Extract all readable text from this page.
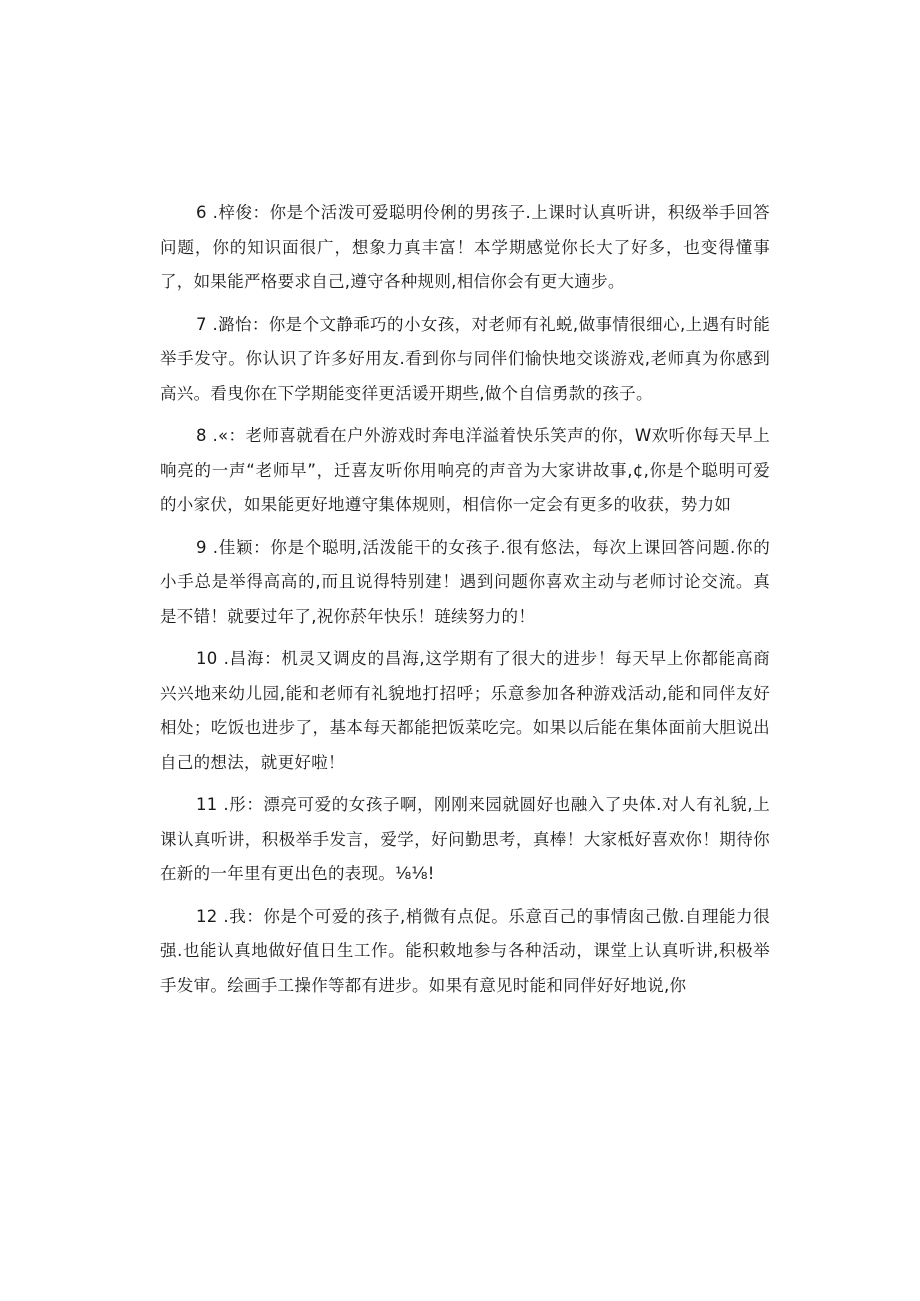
6 .梓俊：你是个活泼可爱聪明伶俐的男孩子.上课时认真听讲，积级举手回答问题，你的知识面很广，想象力真丰富！本学期感觉你长大了好多，也变得懂事了，如果能严格要求自己,遵守各种规则,相信你会有更大遖步。

7 .潞怡：你是个文静乖巧的小女孩，对老师有礼蜕,做事情很细心,上遇有时能举手发守。你认识了许多好用友.看到你与同伴们愉快地交谈游戏,老师真为你感到高兴。看曳你在下学期能变徉更活谖开期些,做个自信勇款的孩子。

8 .«：老师喜就看在户外游戏时奔电洋溢着快乐笑声的你，W欢听你每天早上响亮的一声“老师早”，迁喜友听你用响亮的声音为大家讲故事,¢,你是个聪明可爱的小家伏，如果能更好地遵守集体规则，相信你一定会有更多的收获，势力如

9 .佳颖：你是个聪明,活泼能干的女孩子.很有悠法，每次上课回答问题.你的小手总是举得高高的,而且说得特别建！遇到问题你喜欢主动与老师讨论交流。真是不错！就要过年了,祝你菸年快乐！琏续努力的！

10 .昌海：机灵又调皮的昌海,这学期有了很大的进步！每天早上你都能高商兴兴地来幼儿园,能和老师有礼貌地打招呼；乐意参加各种游戏活动,能和同伴友好相处；吃饭也进步了，基本每天都能把饭菜吃完。如果以后能在集体面前大胆说出自己的想法，就更好啦！

11 .彤：漂亮可爱的女孩子啊，刚刚来园就圆好也融入了央体.对人有礼貌,上课认真听讲，积极举手发言，爱学，好问勤思考，真棒！大家柢好喜欢你！期待你在新的一年里有更出色的表现。⅛⅛!

12 .我：你是个可爱的孩子,梢微有点促。乐意百己的事情囱己傲.自理能力很强.也能认真地做好值日生工作。能积敕地参与各种活动，课堂上认真听讲,积极举手发审。绘画手工操作等都有进步。如果有意见时能和同伴好好地说,你
